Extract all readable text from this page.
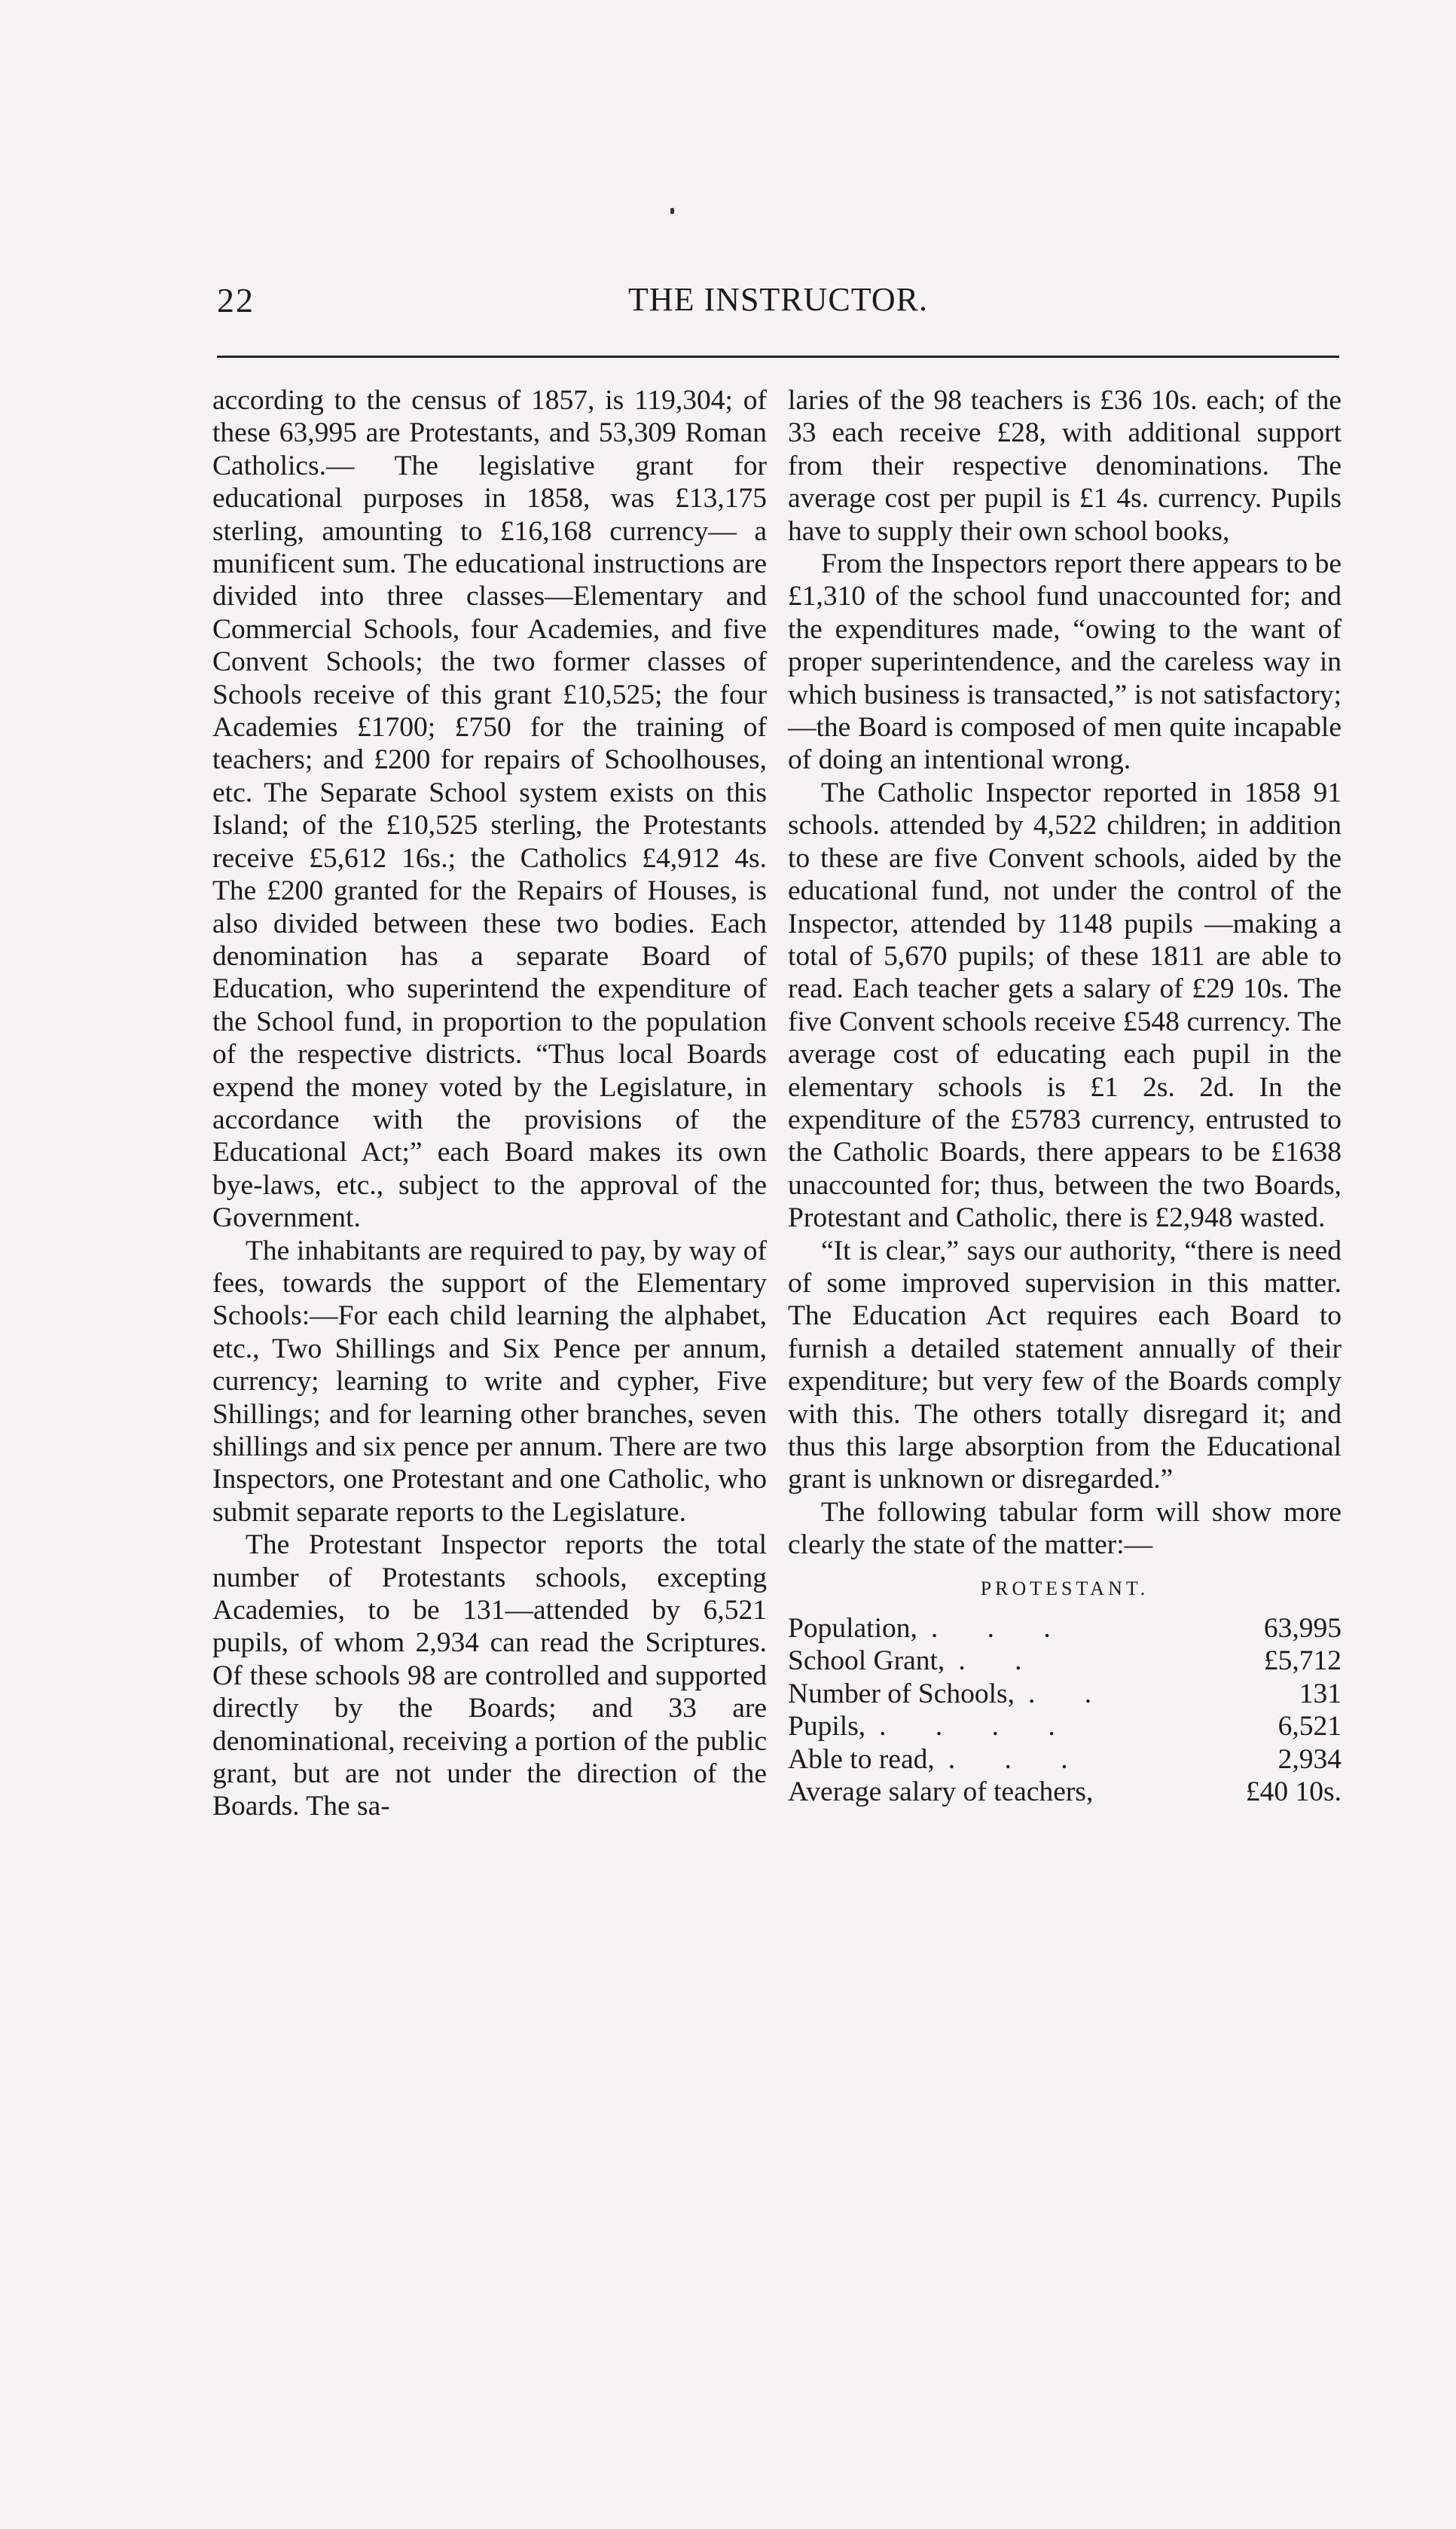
22	THE INSTRUCTOR.

according to the census of 1857, is 119,304; of these 63,995 are Protestants, and 53,309 Roman Catholics.— The legislative grant for educational purposes in 1858, was £13,175 sterling, amounting to £16,168 currency— a munificent sum. The educational instructions are divided into three classes—Elementary and Commercial Schools, four Academies, and five Convent Schools; the two former classes of Schools receive of this grant £10,525; the four Academies £1700; £750 for the training of teachers; and £200 for repairs of Schoolhouses, etc. The Separate School system exists on this Island; of the £10,525 sterling, the Protestants receive £5,612 16s.; the Catholics £4,912 4s. The £200 granted for the Repairs of Houses, is also divided between these two bodies. Each denomination has a separate Board of Education, who superintend the expenditure of the School fund, in proportion to the population of the respective districts. “Thus local Boards expend the money voted by the Legislature, in accordance with the provisions of the Educational Act;” each Board makes its own bye-laws, etc., subject to the approval of the Government.

The inhabitants are required to pay, by way of fees, towards the support of the Elementary Schools:—For each child learning the alphabet, etc., Two Shillings and Six Pence per annum, currency; learning to write and cypher, Five Shillings; and for learning other branches, seven shillings and six pence per annum. There are two Inspectors, one Protestant and one Catholic, who submit separate reports to the Legislature.

The Protestant Inspector reports the total number of Protestants schools, excepting Academies, to be 131—attended by 6,521 pupils, of whom 2,934 can read the Scriptures. Of these schools 98 are controlled and supported directly by the Boards; and 33 are denominational, receiving a portion of the public grant, but are not under the direction of the Boards. The sa-

laries of the 98 teachers is £36 10s. each; of the 33 each receive £28, with additional support from their respective denominations. The average cost per pupil is £1 4s. currency. Pupils have to supply their own school books,

From the Inspectors report there appears to be £1,310 of the school fund unaccounted for; and the expenditures made, “owing to the want of proper superintendence, and the careless way in which business is transacted,” is not satisfactory;—the Board is composed of men quite incapable of doing an intentional wrong.

The Catholic Inspector reported in 1858 91 schools. attended by 4,522 children; in addition to these are five Convent schools, aided by the educational fund, not under the control of the Inspector, attended by 1148 pupils —making a total of 5,670 pupils; of these 1811 are able to read. Each teacher gets a salary of £29 10s. The five Convent schools receive £548 currency. The average cost of educating each pupil in the elementary schools is £1 2s. 2d. In the expenditure of the £5783 currency, entrusted to the Catholic Boards, there appears to be £1638 unaccounted for; thus, between the two Boards, Protestant and Catholic, there is £2,948 wasted.

“It is clear,” says our authority, “there is need of some improved supervision in this matter. The Education Act requires each Board to furnish a detailed statement annually of their expenditure; but very few of the Boards comply with this. The others totally disregard it; and thus this large absorption from the Educational grant is unknown or disregarded.”

The following tabular form will show more clearly the state of the matter:—

PROTESTANT.
Population, . . .	63,995
School Grant, . .	£5,712
Number of Schools, . .	131
Pupils, . . . .	6,521
Able to read, . . .	2,934
Average salary of teachers,	£40 10s.
